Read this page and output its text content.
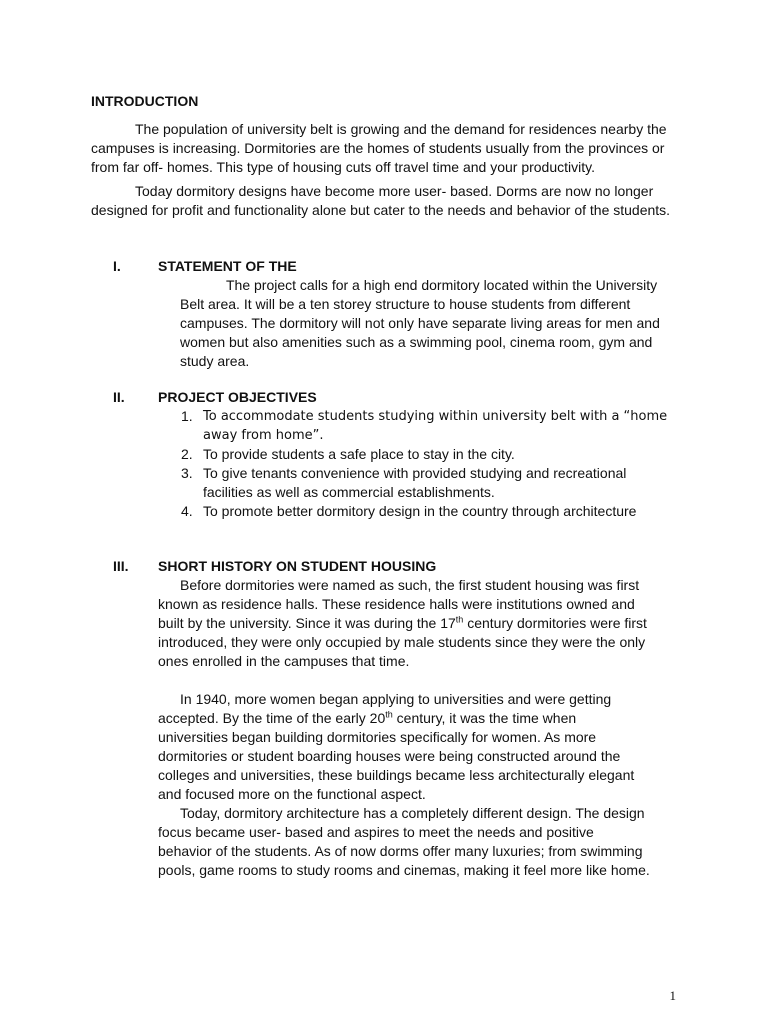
INTRODUCTION
The population of university belt is growing and the demand for residences nearby the campuses is increasing. Dormitories are the homes of students usually from the provinces or from far off- homes. This type of housing cuts off travel time and your productivity.
Today dormitory designs have become more user- based. Dorms are now no longer designed for profit and functionality alone but cater to the needs and behavior of the students.
I.	STATEMENT OF THE
The project calls for a high end dormitory located within the University Belt area. It will be a ten storey structure to house students from different campuses. The dormitory will not only have separate living areas for men and women but also amenities such as a swimming pool, cinema room, gym and study area.
II. PROJECT OBJECTIVES
1. To accommodate students studying within university belt with a “home away from home”.
2. To provide students a safe place to stay in the city.
3. To give tenants convenience with provided studying and recreational facilities as well as commercial establishments.
4. To promote better dormitory design in the country through architecture
III. SHORT HISTORY ON STUDENT HOUSING
Before dormitories were named as such, the first student housing was first known as residence halls. These residence halls were institutions owned and built by the university. Since it was during the 17th century dormitories were first introduced, they were only occupied by male students since they were the only ones enrolled in the campuses that time.
In 1940, more women began applying to universities and were getting accepted. By the time of the early 20th century, it was the time when universities began building dormitories specifically for women. As more dormitories or student boarding houses were being constructed around the colleges and universities, these buildings became less architecturally elegant and focused more on the functional aspect.
Today, dormitory architecture has a completely different design. The design focus became user- based and aspires to meet the needs and positive behavior of the students. As of now dorms offer many luxuries; from swimming pools, game rooms to study rooms and cinemas, making it feel more like home.
1
